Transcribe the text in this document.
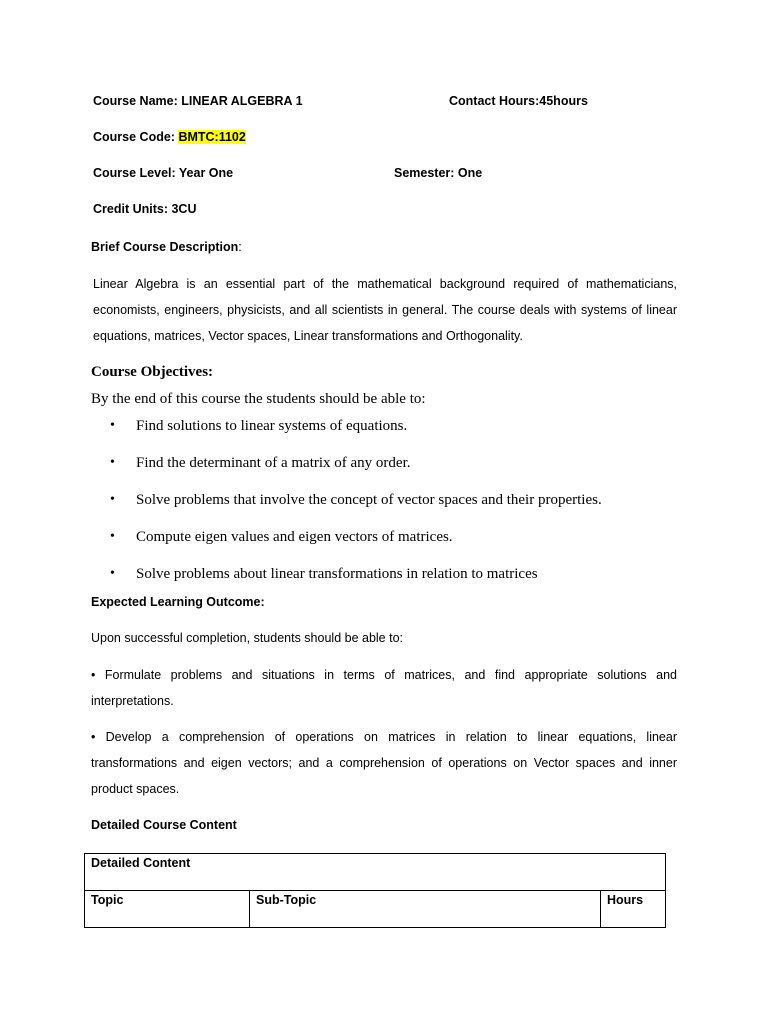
Course Name: LINEAR ALGEBRA 1	Contact Hours:45hours
Course Code: BMTC:1102
Course Level: Year One	Semester: One
Credit Units: 3CU
Brief Course Description:
Linear Algebra is an essential part of the mathematical background required of mathematicians, economists, engineers, physicists, and all scientists in general. The course deals with systems of linear equations, matrices, Vector spaces, Linear transformations and Orthogonality.
Course Objectives:
By the end of this course the students should be able to:
• Find solutions to linear systems of equations.
• Find the determinant of a matrix of any order.
• Solve problems that involve the concept of vector spaces and their properties.
• Compute eigen values and eigen vectors of matrices.
• Solve problems about linear transformations in relation to matrices
Expected Learning Outcome:
Upon successful completion, students should be able to:
• Formulate problems and situations in terms of matrices, and find appropriate solutions and interpretations.
• Develop a comprehension of operations on matrices in relation to linear equations, linear transformations and eigen vectors; and a comprehension of operations on Vector spaces and inner product spaces.
Detailed Course Content
Detailed Content
Topic	Sub-Topic	Hours
